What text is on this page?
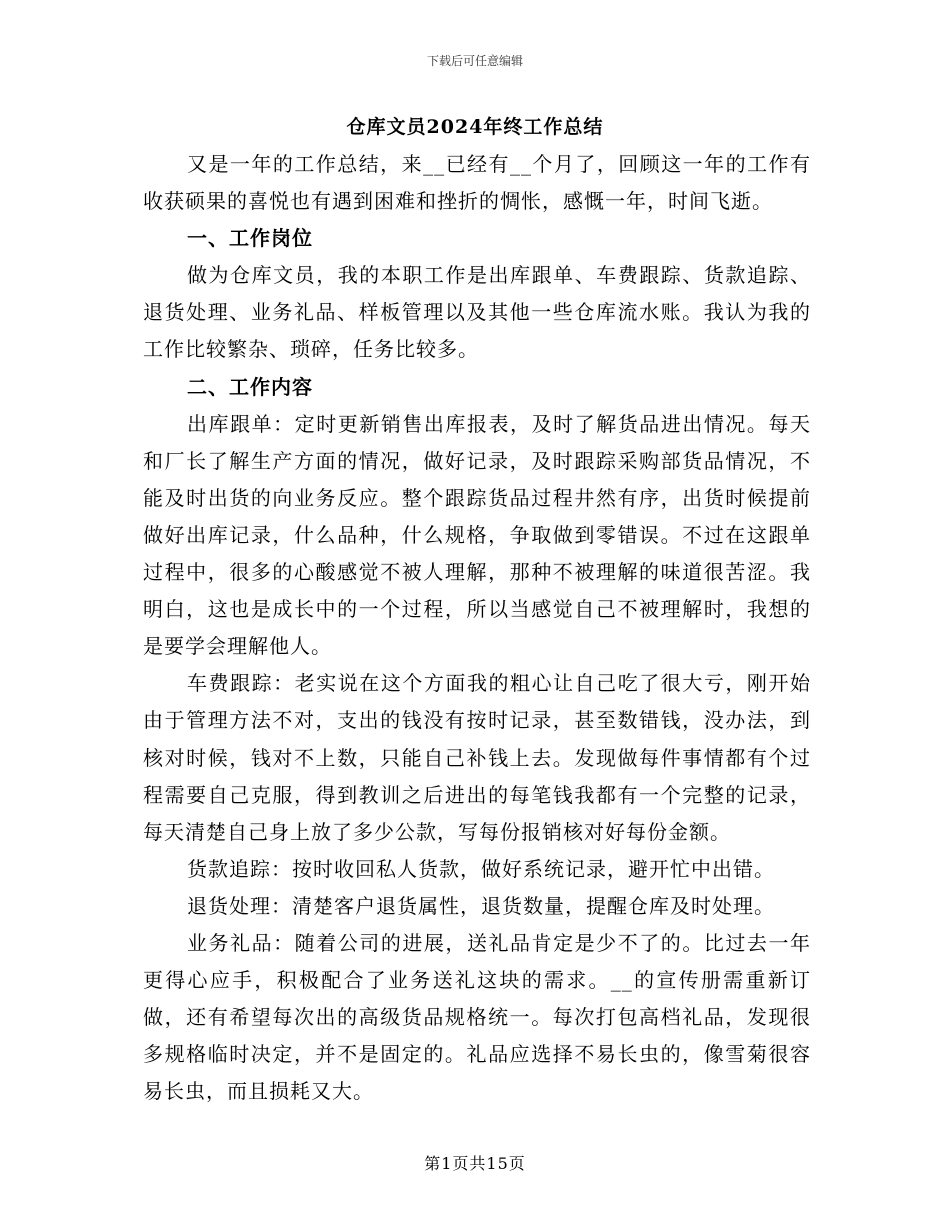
下载后可任意编辑
仓库文员2024年终工作总结

又是一年的工作总结，来__已经有__个月了，回顾这一年的工作有收获硕果的喜悦也有遇到困难和挫折的惆怅，感慨一年，时间飞逝。

一、工作岗位

做为仓库文员，我的本职工作是出库跟单、车费跟踪、货款追踪、退货处理、业务礼品、样板管理以及其他一些仓库流水账。我认为我的工作比较繁杂、琐碎，任务比较多。

二、工作内容

出库跟单：定时更新销售出库报表，及时了解货品进出情况。每天和厂长了解生产方面的情况，做好记录，及时跟踪采购部货品情况，不能及时出货的向业务反应。整个跟踪货品过程井然有序，出货时候提前做好出库记录，什么品种，什么规格，争取做到零错误。不过在这跟单过程中，很多的心酸感觉不被人理解，那种不被理解的味道很苦涩。我明白，这也是成长中的一个过程，所以当感觉自己不被理解时，我想的是要学会理解他人。

车费跟踪：老实说在这个方面我的粗心让自己吃了很大亏，刚开始由于管理方法不对，支出的钱没有按时记录，甚至数错钱，没办法，到核对时候，钱对不上数，只能自己补钱上去。发现做每件事情都有个过程需要自己克服，得到教训之后进出的每笔钱我都有一个完整的记录，每天清楚自己身上放了多少公款，写每份报销核对好每份金额。

货款追踪：按时收回私人货款，做好系统记录，避开忙中出错。

退货处理：清楚客户退货属性，退货数量，提醒仓库及时处理。

业务礼品：随着公司的进展，送礼品肯定是少不了的。比过去一年更得心应手，积极配合了业务送礼这块的需求。__的宣传册需重新订做，还有希望每次出的高级货品规格统一。每次打包高档礼品，发现很多规格临时决定，并不是固定的。礼品应选择不易长虫的，像雪菊很容易长虫，而且损耗又大。

第1页共15页
